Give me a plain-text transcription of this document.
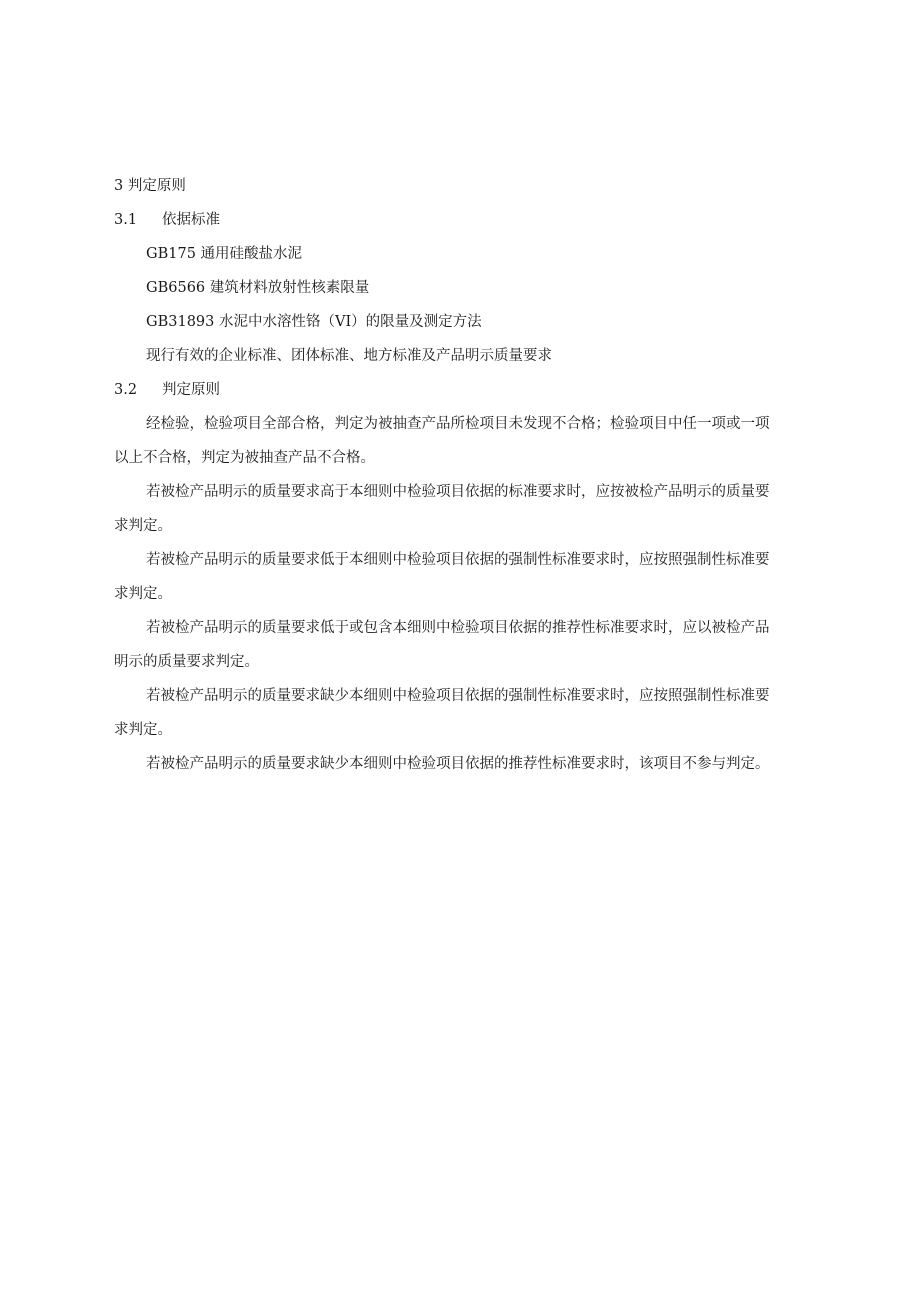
3 判定原则
3.1 依据标准
GB175 通用硅酸盐水泥
GB6566 建筑材料放射性核素限量
GB31893 水泥中水溶性铬（VI）的限量及测定方法
现行有效的企业标准、团体标准、地方标准及产品明示质量要求
3.2 判定原则
经检验，检验项目全部合格，判定为被抽查产品所检项目未发现不合格；检验项目中任一项或一项
以上不合格，判定为被抽查产品不合格。
若被检产品明示的质量要求高于本细则中检验项目依据的标准要求时，应按被检产品明示的质量要
求判定。
若被检产品明示的质量要求低于本细则中检验项目依据的强制性标准要求时，应按照强制性标准要
求判定。
若被检产品明示的质量要求低于或包含本细则中检验项目依据的推荐性标准要求时，应以被检产品
明示的质量要求判定。
若被检产品明示的质量要求缺少本细则中检验项目依据的强制性标准要求时，应按照强制性标准要
求判定。
若被检产品明示的质量要求缺少本细则中检验项目依据的推荐性标准要求时，该项目不参与判定。
